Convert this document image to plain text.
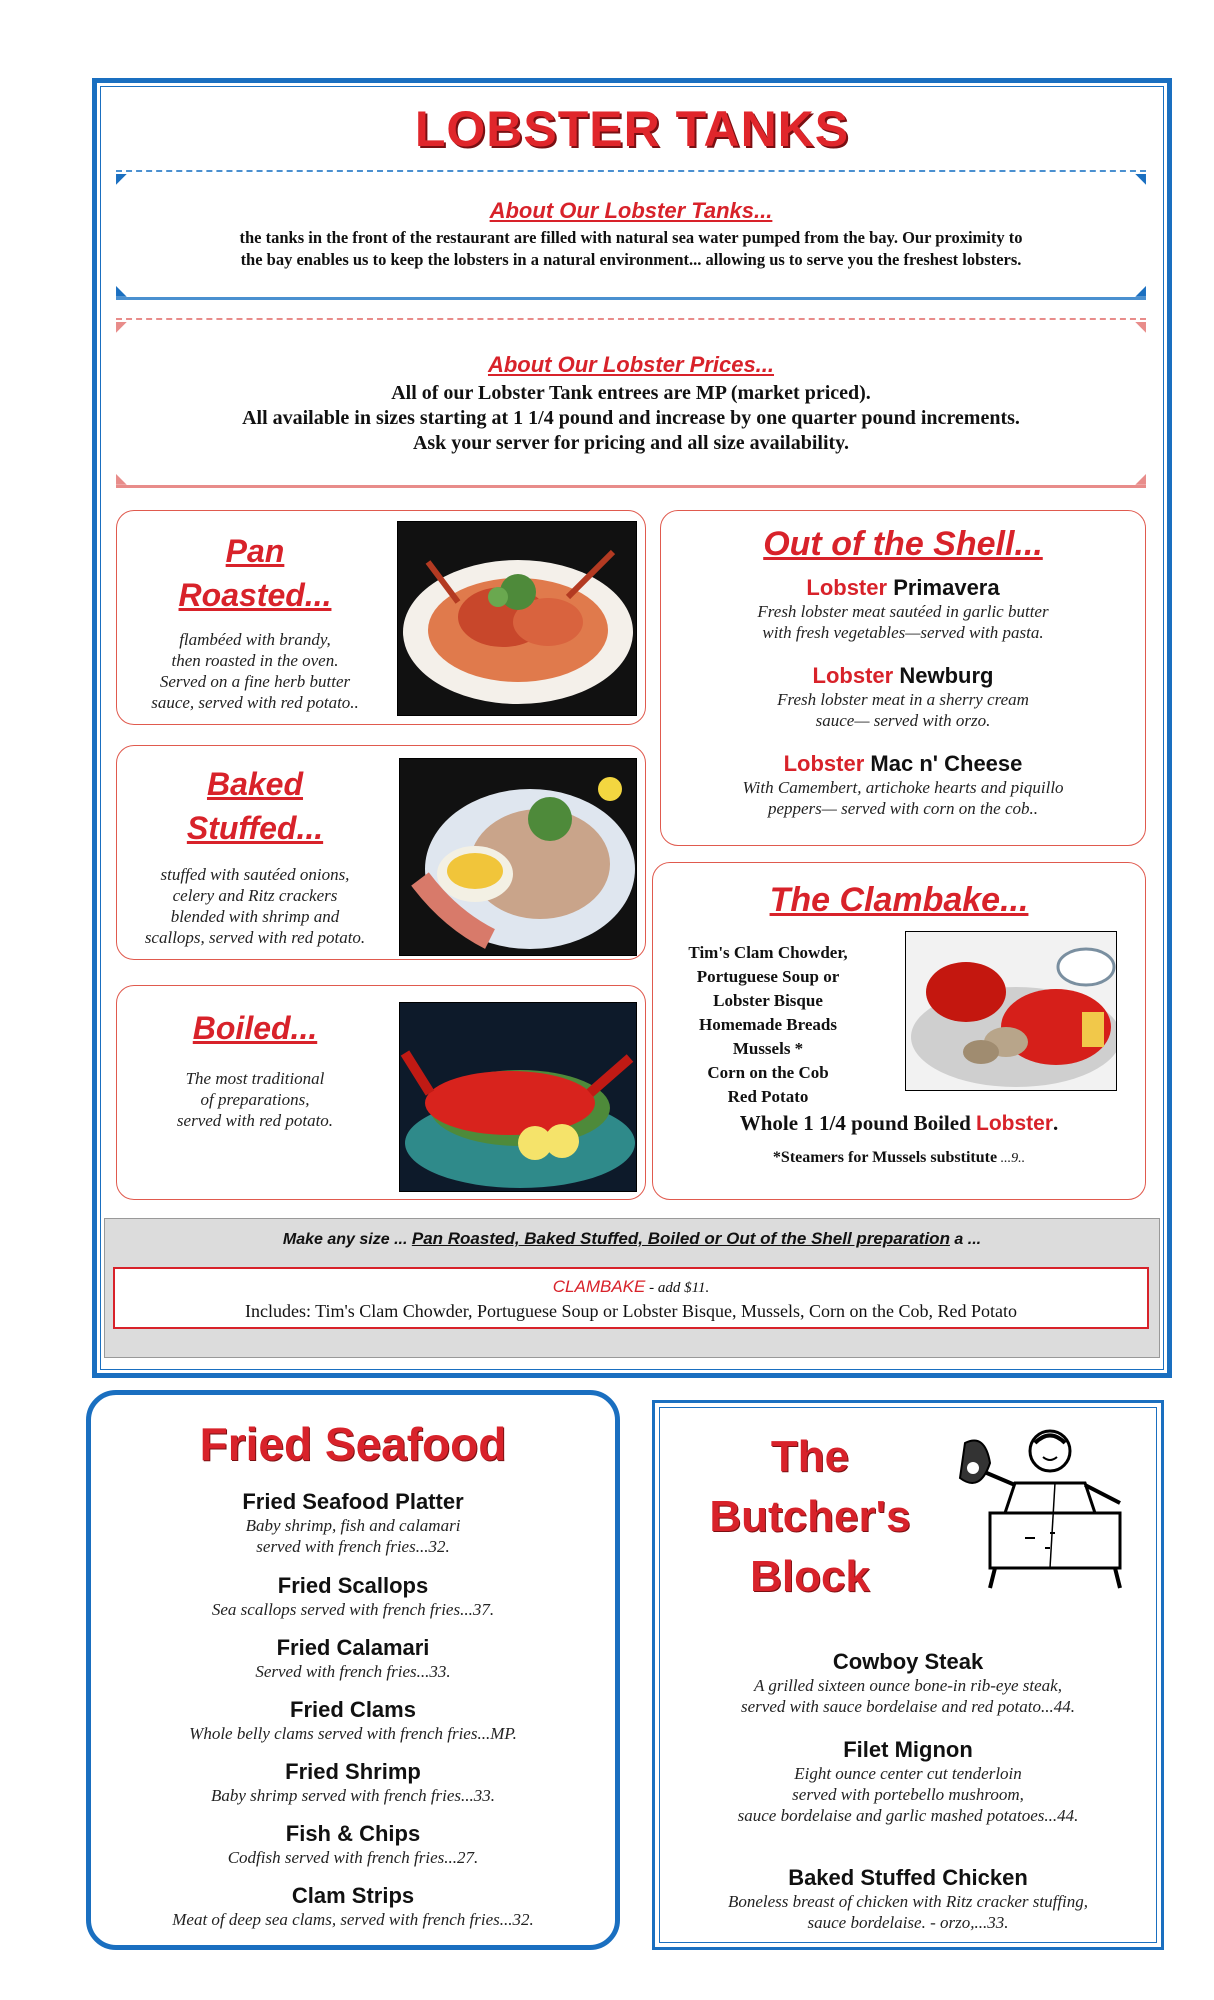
LOBSTER TANKS
◤	◥
◣	◢
About Our Lobster Tanks...
the tanks in the front of the restaurant are filled with natural sea water pumped from the bay. Our proximity to
the bay enables us to keep the lobsters in a natural environment... allowing us to serve you the freshest lobsters.
◤	◥
◣	◢
About Our Lobster Prices...
All of our Lobster Tank entrees are MP (market priced).
All available in sizes starting at 1 1/4 pound and increase by one quarter pound increments.
Ask your server for pricing and all size availability.
Pan
Roasted...
flambéed with brandy,
then roasted in the oven.
Served on a fine herb butter
sauce, served with red potato..
Baked
Stuffed...
stuffed with sautéed onions,
celery and Ritz crackers
blended with shrimp and
scallops, served with red potato.
Boiled...
The most traditional
of preparations,
served with red potato.
Out of the Shell...
Lobster Primavera
Fresh lobster meat sautéed in garlic butter
with fresh vegetables—served with pasta.
Lobster Newburg
Fresh lobster meat in a sherry cream
sauce— served with orzo.
Lobster Mac n' Cheese
With Camembert, artichoke hearts and piquillo
peppers— served with corn on the cob..
The Clambake...
Tim's Clam Chowder,
Portuguese Soup or
Lobster Bisque
Homemade Breads
Mussels *
Corn on the Cob
Red Potato
Whole 1 1/4 pound Boiled Lobster.
*Steamers for Mussels substitute ...9..
Make any size ... Pan Roasted, Baked Stuffed, Boiled or Out of the Shell preparation a ...
CLAMBAKE - add $11.
Includes: Tim's Clam Chowder, Portuguese Soup or Lobster Bisque, Mussels, Corn on the Cob, Red Potato
Fried Seafood
Fried Seafood Platter
Baby shrimp, fish and calamari
served with french fries...32.
Fried Scallops
Sea scallops served with french fries...37.
Fried Calamari
Served with french fries...33.
Fried Clams
Whole belly clams served with french fries...MP.
Fried Shrimp
Baby shrimp served with french fries...33.
Fish & Chips
Codfish served with french fries...27.
Clam Strips
Meat of deep sea clams, served with french fries...32.
The
Butcher's
Block
Cowboy Steak
A grilled sixteen ounce bone-in rib-eye steak,
served with sauce bordelaise and red potato...44.
Filet Mignon
Eight ounce center cut tenderloin
served with portebello mushroom,
sauce bordelaise and garlic mashed potatoes...44.
Baked Stuffed Chicken
Boneless breast of chicken with Ritz cracker stuffing,
sauce bordelaise. - orzo,...33.
